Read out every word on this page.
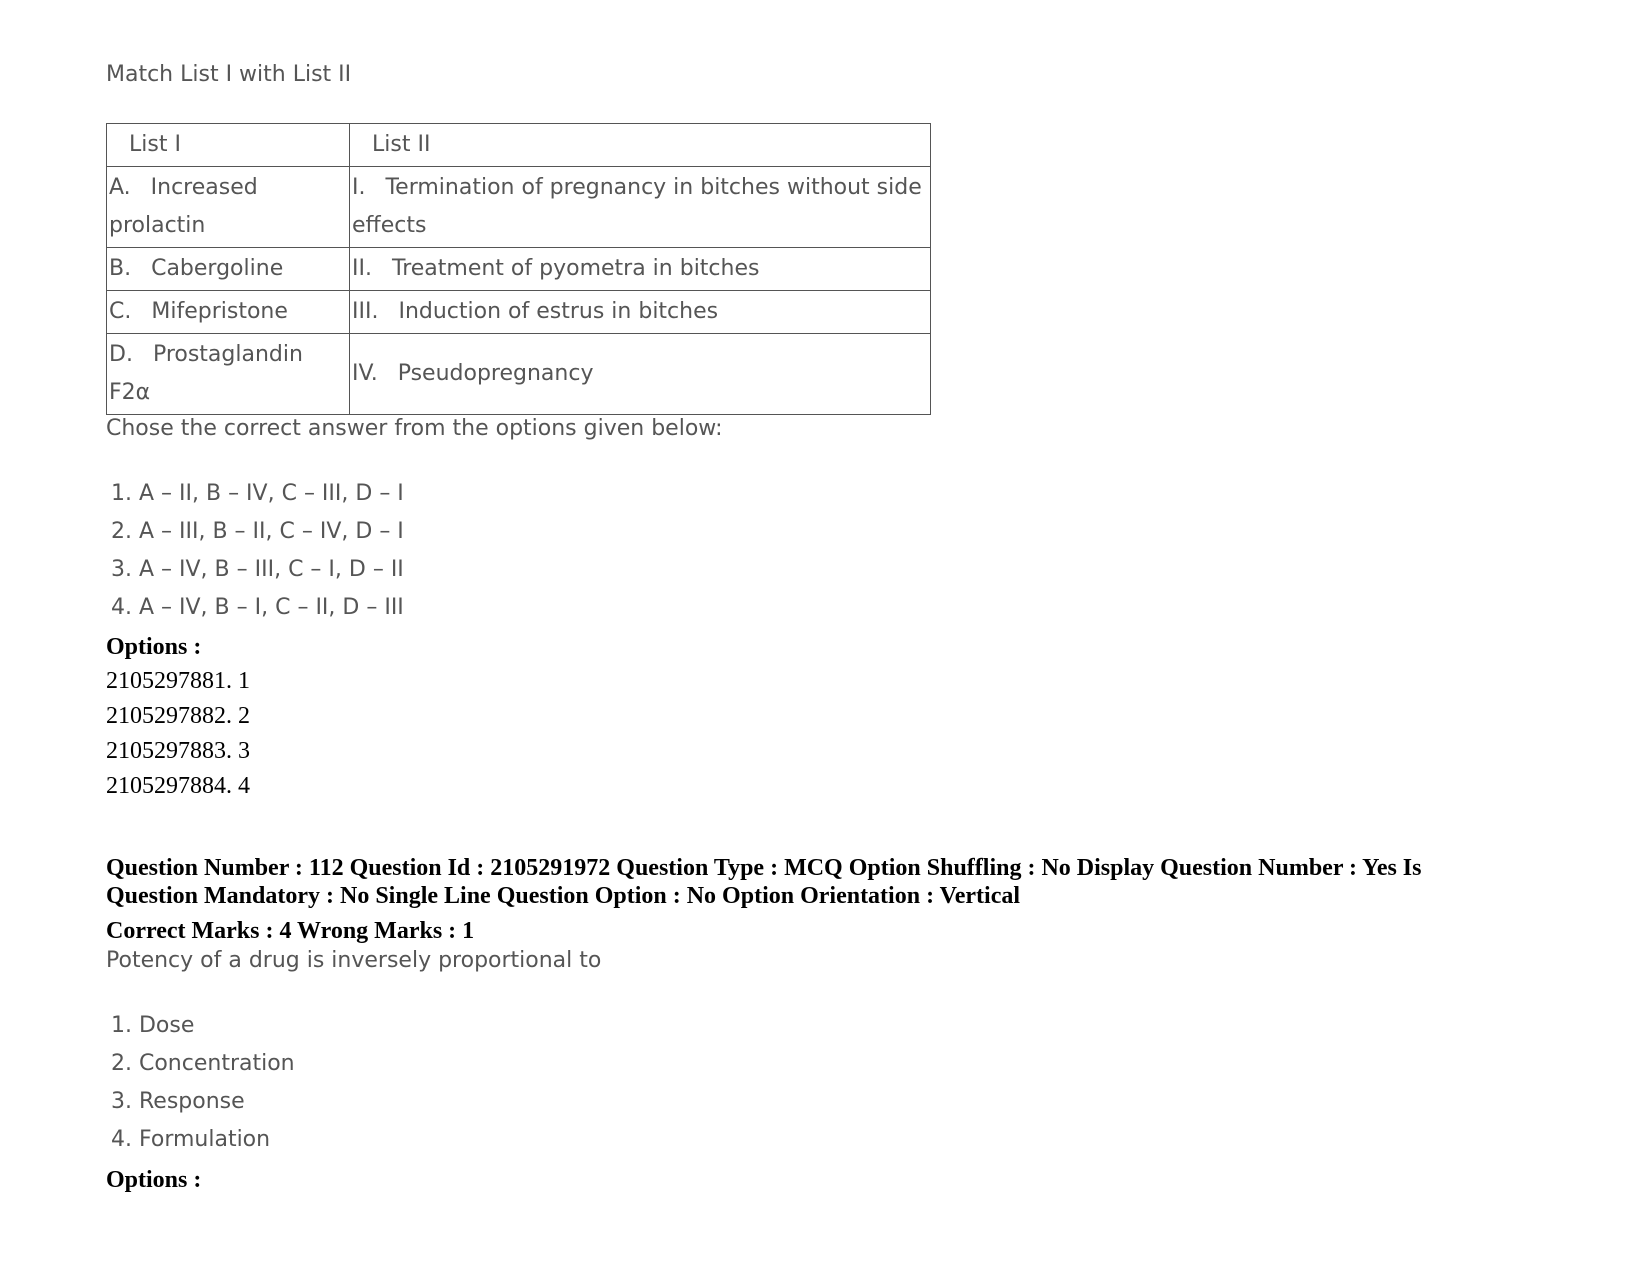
Match List I with List II
List I	List II
A. Increased prolactin	I. Termination of pregnancy in bitches without side effects
B. Cabergoline	II. Treatment of pyometra in bitches
C. Mifepristone	III. Induction of estrus in bitches
D. Prostaglandin F2α	IV. Pseudopregnancy
Chose the correct answer from the options given below:
1. A – II, B – IV, C – III, D – I
2. A – III, B – II, C – IV, D – I
3. A – IV, B – III, C – I, D – II
4. A – IV, B – I, C – II, D – III
Options :
2105297881. 1
2105297882. 2
2105297883. 3
2105297884. 4
Question Number : 112 Question Id : 2105291972 Question Type : MCQ Option Shuffling : No Display Question Number : Yes Is
Question Mandatory : No Single Line Question Option : No Option Orientation : Vertical
Correct Marks : 4 Wrong Marks : 1
Potency of a drug is inversely proportional to
1. Dose
2. Concentration
3. Response
4. Formulation
Options :
